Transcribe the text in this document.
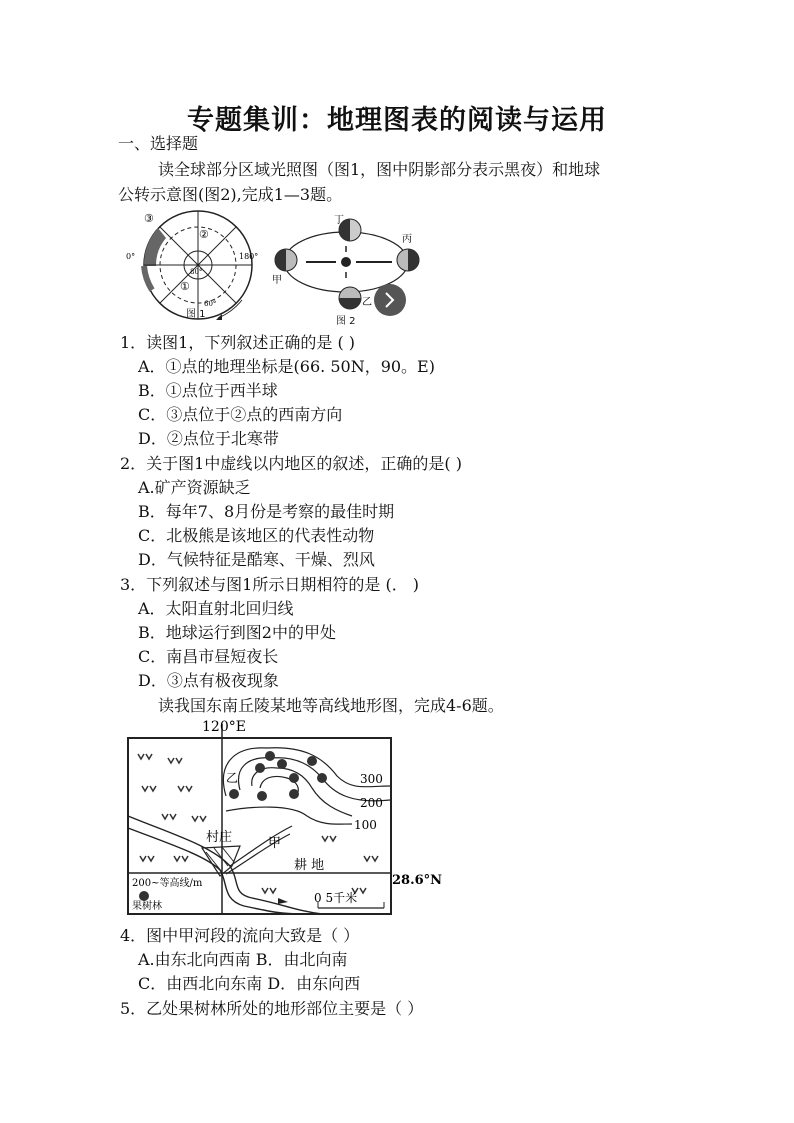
专题集训：地理图表的阅读与运用
一、选择题
读全球部分区域光照图（图1，图中阴影部分表示黑夜）和地球
公转示意图(图2),完成1—3题。
③
②
①
0°	180°
80°
60°
图 1
丁
丙
甲
乙
图 2
1．读图1，下列叙述正确的是 ( )
A．①点的地理坐标是(66. 50N，90。E)
B．①点位于西半球
C．③点位于②点的西南方向
D．②点位于北寒带
2．关于图1中虚线以内地区的叙述，正确的是( )
A.矿产资源缺乏
B．每年7、8月份是考察的最佳时期
C．北极熊是该地区的代表性动物
D．气候特征是酷寒、干燥、烈风
3．下列叙述与图1所示日期相符的是 (． )
A．太阳直射北回归线
B．地球运行到图2中的甲处
C．南昌市昼短夜长
D．③点有极夜现象
读我国东南丘陵某地等高线地形图，完成4-6题。
120°E
28.6°N
300
200
100
村庄	甲
乙
耕 地
200~等高线/m
果树林
0 5千米
4．图中甲河段的流向大致是（ ）
A.由东北向西南 B．由北向南
C．由西北向东南 D．由东向西
5．乙处果树林所处的地形部位主要是（ ）
